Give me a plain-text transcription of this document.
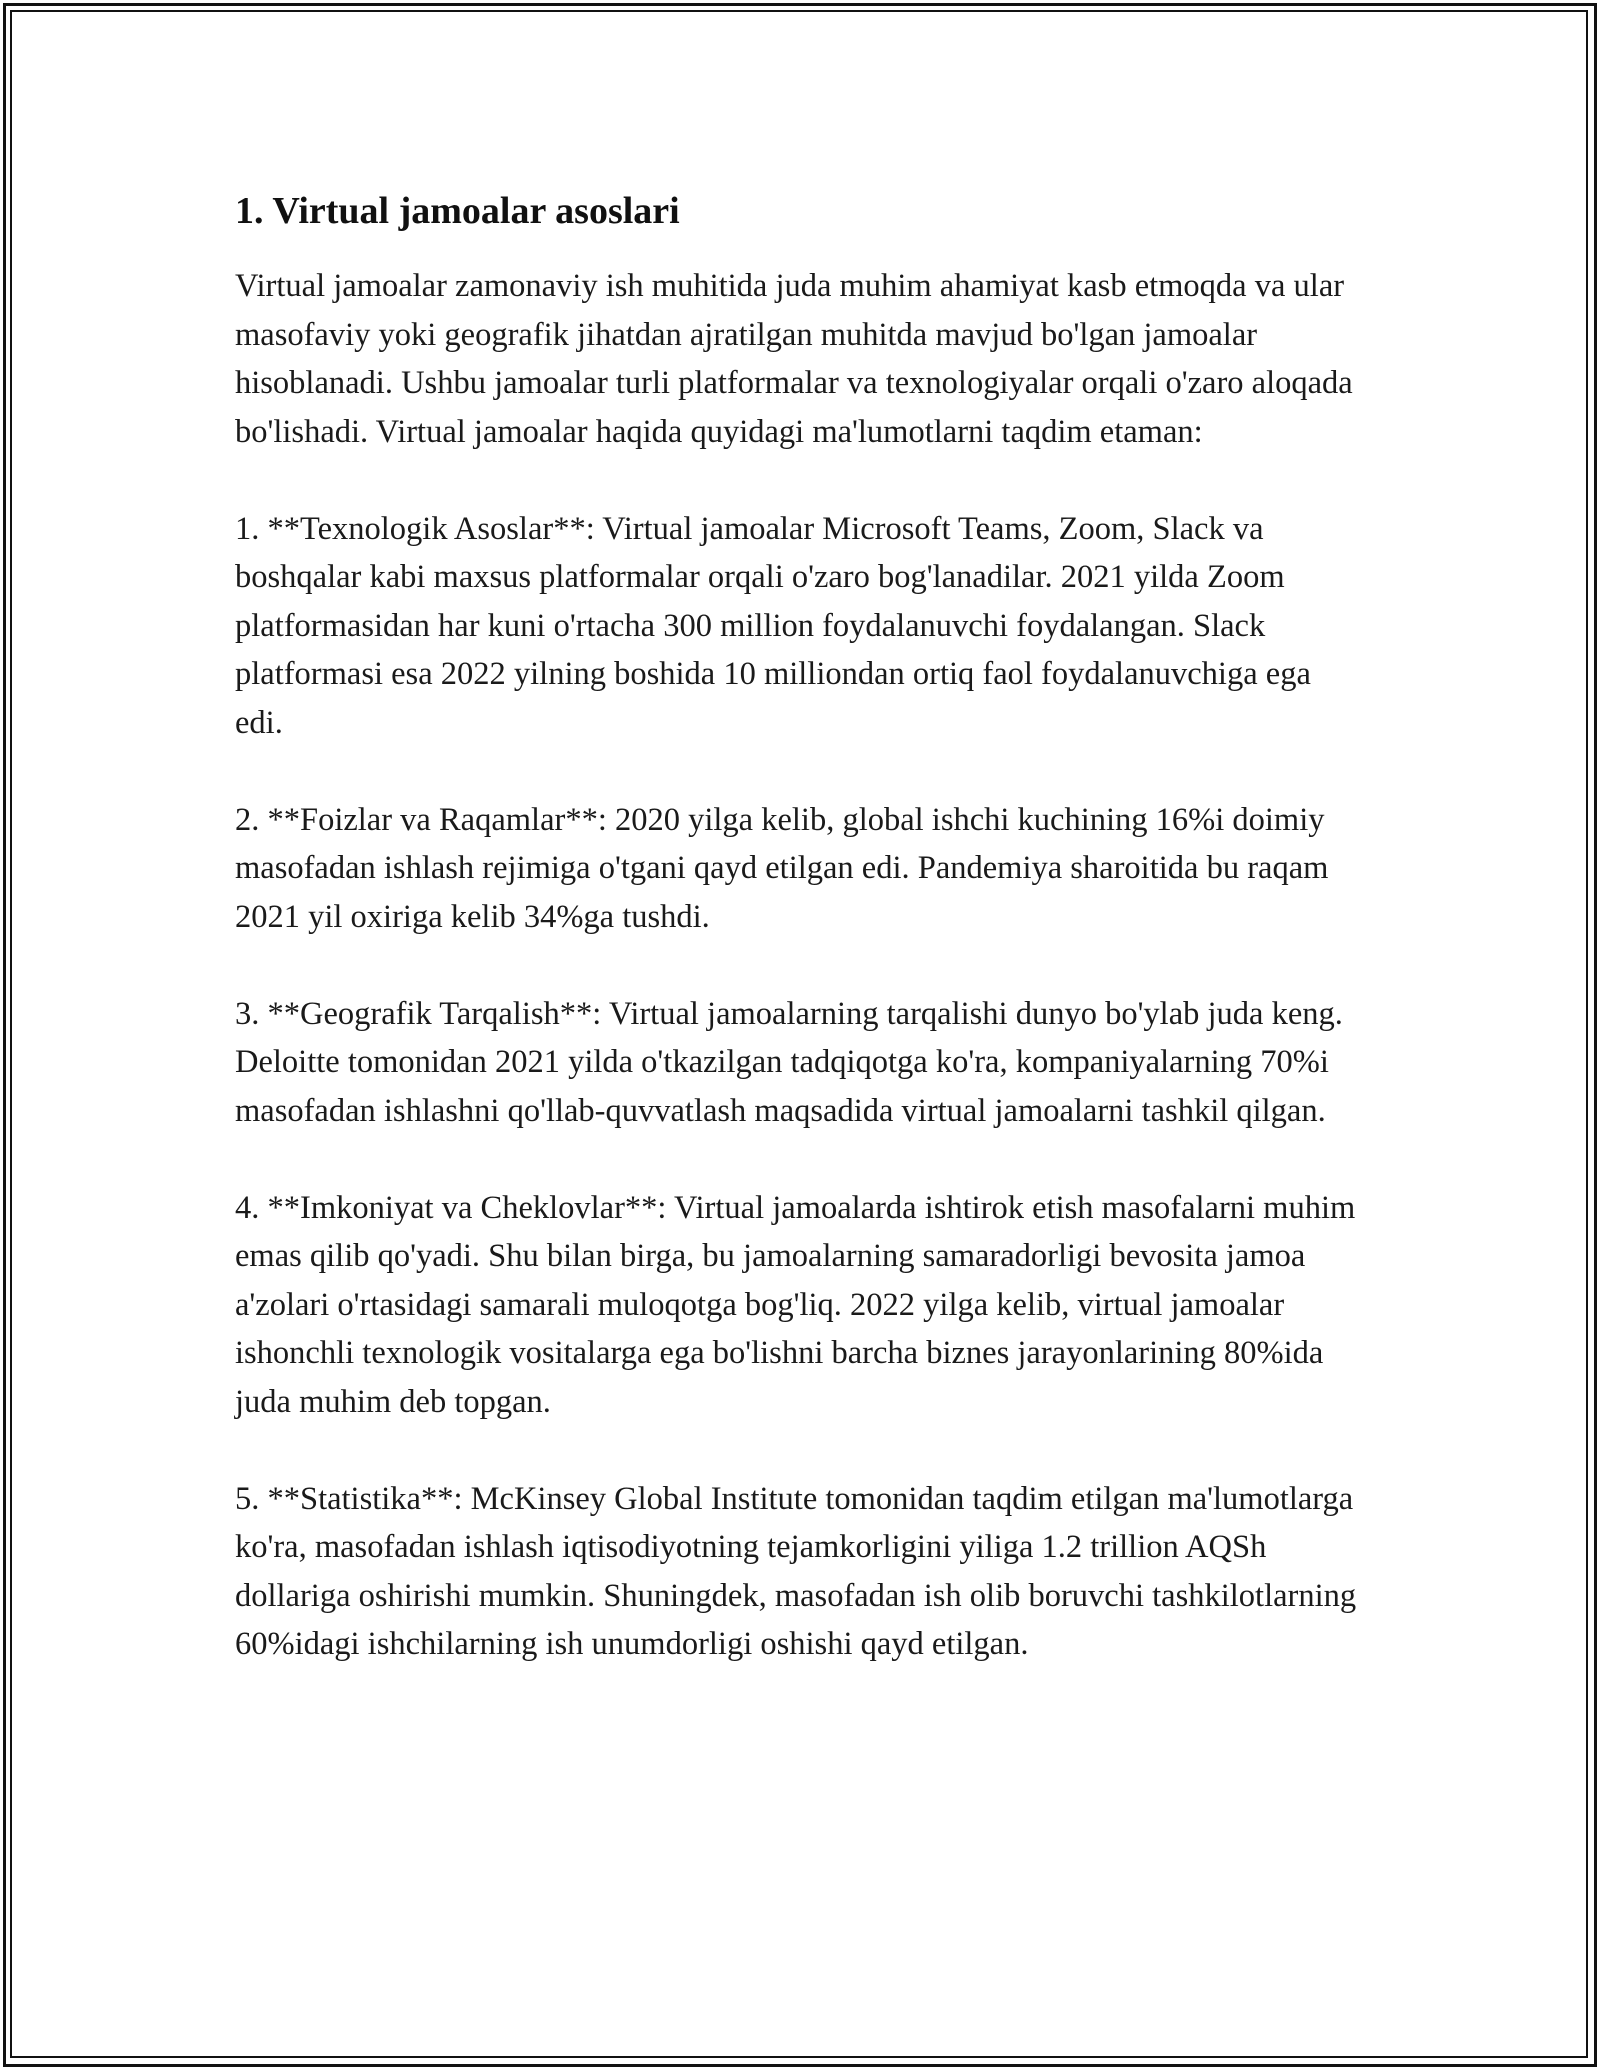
1. Virtual jamoalar asoslari

Virtual jamoalar zamonaviy ish muhitida juda muhim ahamiyat kasb etmoqda va ular masofaviy yoki geografik jihatdan ajratilgan muhitda mavjud bo'lgan jamoalar hisoblanadi. Ushbu jamoalar turli platformalar va texnologiyalar orqali o'zaro aloqada bo'lishadi. Virtual jamoalar haqida quyidagi ma'lumotlarni taqdim etaman:

1. **Texnologik Asoslar**: Virtual jamoalar Microsoft Teams, Zoom, Slack va boshqalar kabi maxsus platformalar orqali o'zaro bog'lanadilar. 2021 yilda Zoom platformasidan har kuni o'rtacha 300 million foydalanuvchi foydalangan. Slack platformasi esa 2022 yilning boshida 10 milliondan ortiq faol foydalanuvchiga ega edi.

2. **Foizlar va Raqamlar**: 2020 yilga kelib, global ishchi kuchining 16%i doimiy masofadan ishlash rejimiga o'tgani qayd etilgan edi. Pandemiya sharoitida bu raqam 2021 yil oxiriga kelib 34%ga tushdi.

3. **Geografik Tarqalish**: Virtual jamoalarning tarqalishi dunyo bo'ylab juda keng. Deloitte tomonidan 2021 yilda o'tkazilgan tadqiqotga ko'ra, kompaniyalarning 70%i masofadan ishlashni qo'llab-quvvatlash maqsadida virtual jamoalarni tashkil qilgan.

4. **Imkoniyat va Cheklovlar**: Virtual jamoalarda ishtirok etish masofalarni muhim emas qilib qo'yadi. Shu bilan birga, bu jamoalarning samaradorligi bevosita jamoa a'zolari o'rtasidagi samarali muloqotga bog'liq. 2022 yilga kelib, virtual jamoalar ishonchli texnologik vositalarga ega bo'lishni barcha biznes jarayonlarining 80%ida juda muhim deb topgan.

5. **Statistika**: McKinsey Global Institute tomonidan taqdim etilgan ma'lumotlarga ko'ra, masofadan ishlash iqtisodiyotning tejamkorligini yiliga 1.2 trillion AQSh dollariga oshirishi mumkin. Shuningdek, masofadan ish olib boruvchi tashkilotlarning 60%idagi ishchilarning ish unumdorligi oshishi qayd etilgan.
